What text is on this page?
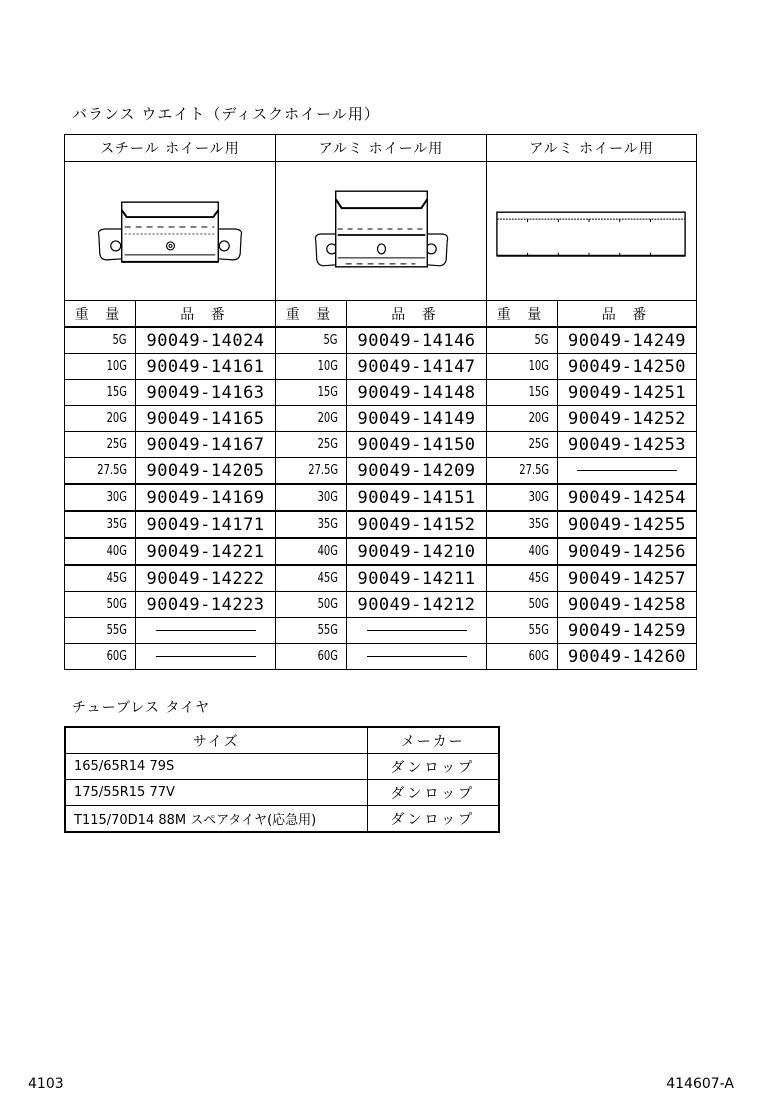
バランス ウエイト（ディスクホイール用）
スチール ホイール用		アルミ ホイール用		アルミ ホイール用	

重 量	品 番	重 量	品 番	重 量	品 番
5G	90049-14024	5G	90049-14146	5G	90049-14249
10G	90049-14161	10G	90049-14147	10G	90049-14250
15G	90049-14163	15G	90049-14148	15G	90049-14251
20G	90049-14165	20G	90049-14149	20G	90049-14252
25G	90049-14167	25G	90049-14150	25G	90049-14253
27.5G	90049-14205	27.5G	90049-14209	27.5G	
30G	90049-14169	30G	90049-14151	30G	90049-14254
35G	90049-14171	35G	90049-14152	35G	90049-14255
40G	90049-14221	40G	90049-14210	40G	90049-14256
45G	90049-14222	45G	90049-14211	45G	90049-14257
50G	90049-14223	50G	90049-14212	50G	90049-14258
55G		55G		55G	90049-14259
60G		60G		60G	90049-14260
チューブレス タイヤ
サイズ	メーカー
165/65R14 79S	ダンロップ
175/55R15 77V	ダンロップ
T115/70D14 88M スペアタイヤ(応急用)	ダンロップ
4103	414607-A
